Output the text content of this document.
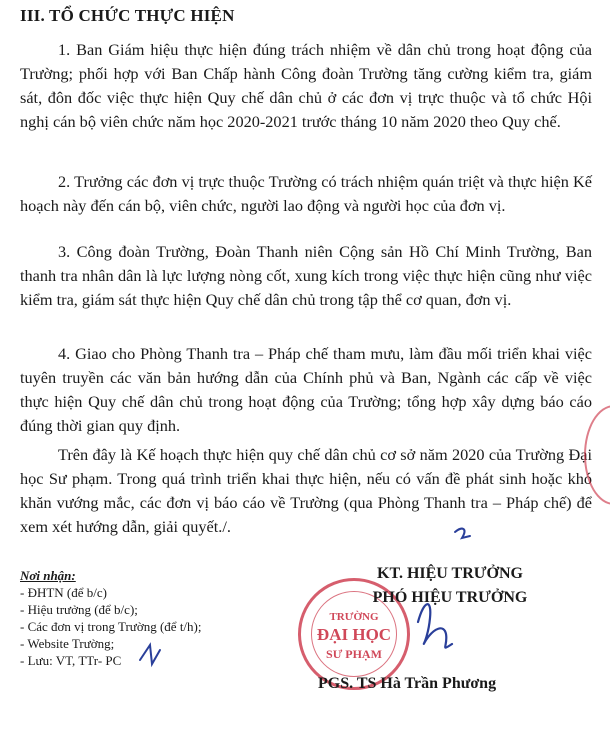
III. TỔ CHỨC THỰC HIỆN

1. Ban Giám hiệu thực hiện đúng trách nhiệm về dân chủ trong hoạt động của Trường; phối hợp với Ban Chấp hành Công đoàn Trường tăng cường kiểm tra, giám sát, đôn đốc việc thực hiện Quy chế dân chủ ở các đơn vị trực thuộc và tổ chức Hội nghị cán bộ viên chức năm học 2020-2021 trước tháng 10 năm 2020 theo Quy chế.

2. Trưởng các đơn vị trực thuộc Trường có trách nhiệm quán triệt và thực hiện Kế hoạch này đến cán bộ, viên chức, người lao động và người học của đơn vị.

3. Công đoàn Trường, Đoàn Thanh niên Cộng sản Hồ Chí Minh Trường, Ban thanh tra nhân dân là lực lượng nòng cốt, xung kích trong việc thực hiện cũng như việc kiểm tra, giám sát thực hiện Quy chế dân chủ trong tập thể cơ quan, đơn vị.

4. Giao cho Phòng Thanh tra – Pháp chế tham mưu, làm đầu mối triển khai việc tuyên truyền các văn bản hướng dẫn của Chính phủ và Ban, Ngành các cấp về việc thực hiện Quy chế dân chủ trong hoạt động của Trường; tổng hợp xây dựng báo cáo đúng thời gian quy định.

Trên đây là Kế hoạch thực hiện quy chế dân chủ cơ sở năm 2020 của Trường Đại học Sư phạm. Trong quá trình triển khai thực hiện, nếu có vấn đề phát sinh hoặc khó khăn vướng mắc, các đơn vị báo cáo về Trường (qua Phòng Thanh tra – Pháp chế) để xem xét hướng dẫn, giải quyết./.

Nơi nhận:
- ĐHTN (để b/c)
- Hiệu trưởng (để b/c);
- Các đơn vị trong Trường (để t/h);
- Website Trường;
- Lưu: VT, TTr- PC
TRƯỜNG
ĐẠI HỌC
SƯ PHẠM
KT. HIỆU TRƯỞNG
PHÓ HIỆU TRƯỞNG
PGS. TS Hà Trần Phương
